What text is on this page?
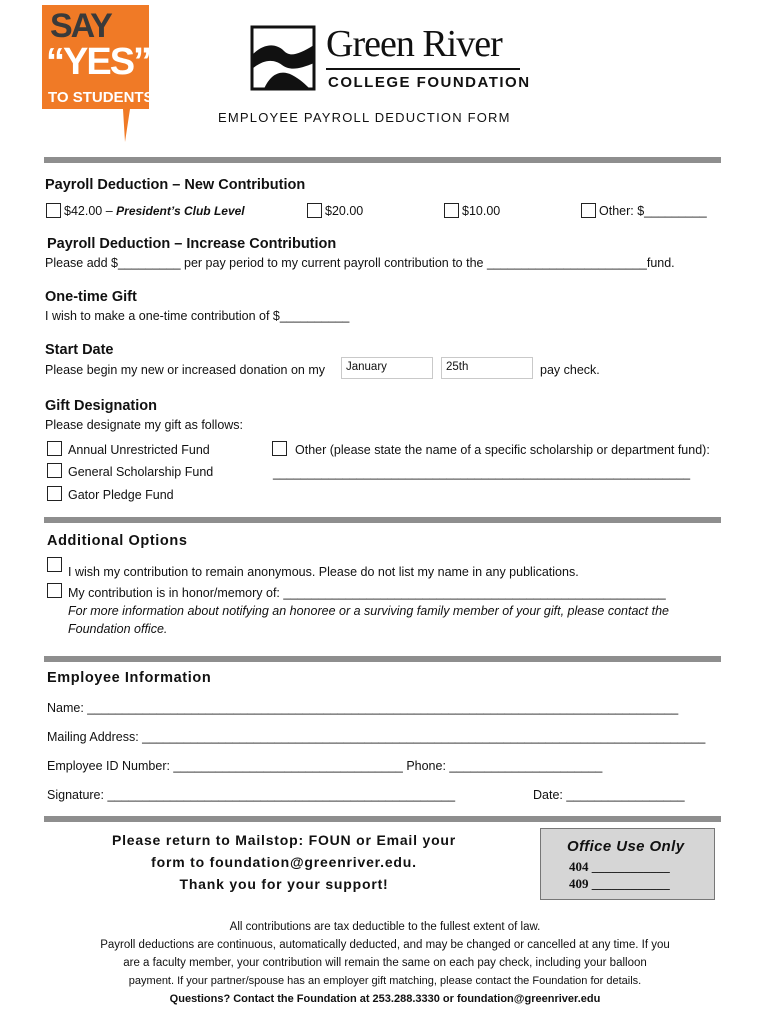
SAY
“YES”
TO STUDENTS!
Green River
COLLEGE FOUNDATION
EMPLOYEE PAYROLL DEDUCTION FORM
Payroll Deduction – New Contribution
$42.00 – President’s Club Level	$20.00	$10.00	Other: $_________
Payroll Deduction – Increase Contribution
Please add $_________ per pay period to my current payroll contribution to the _______________________fund.
One-time Gift
I wish to make a one-time contribution of $__________
Start Date
Please begin my new or increased donation on my	January	25th	pay check.
Gift Designation
Please designate my gift as follows:
Annual Unrestricted Fund
General Scholarship Fund
Gator Pledge Fund
Other (please state the name of a specific scholarship or department fund):
____________________________________________________________
Additional Options
I wish my contribution to remain anonymous. Please do not list my name in any publications.
My contribution is in honor/memory of: _______________________________________________________
For more information about notifying an honoree or a surviving family member of your gift, please contact the
Foundation office.
Employee Information
Name: _____________________________________________________________________________________
Mailing Address: _________________________________________________________________________________
Employee ID Number: _________________________________ Phone: ______________________
Signature: __________________________________________________	Date: _________________
Please return to Mailstop: FOUN or Email your
form to foundation@greenriver.edu.
Thank you for your support!
Office Use Only
404 ____________
409 ____________
All contributions are tax deductible to the fullest extent of law.
Payroll deductions are continuous, automatically deducted, and may be changed or cancelled at any time. If you
are a faculty member, your contribution will remain the same on each pay check, including your balloon
payment. If your partner/spouse has an employer gift matching, please contact the Foundation for details.
Questions? Contact the Foundation at 253.288.3330 or foundation@greenriver.edu
